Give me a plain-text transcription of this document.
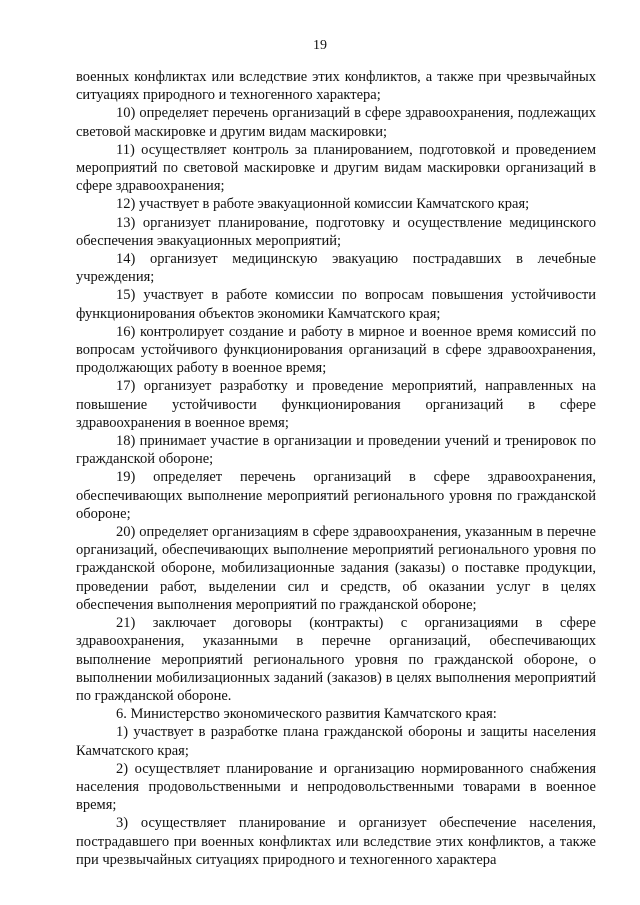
19

военных конфликтах или вследствие этих конфликтов, а также при чрезвычайных ситуациях природного и техногенного характера;

10) определяет перечень организаций в сфере здравоохранения, подлежащих световой маскировке и другим видам маскировки;

11) осуществляет контроль за планированием, подготовкой и проведением мероприятий по световой маскировке и другим видам маскировки организаций в сфере здравоохранения;

12) участвует в работе эвакуационной комиссии Камчатского края;

13) организует планирование, подготовку и осуществление медицинского обеспечения эвакуационных мероприятий;

14) организует медицинскую эвакуацию пострадавших в лечебные учреждения;

15) участвует в работе комиссии по вопросам повышения устойчивости функционирования объектов экономики Камчатского края;

16) контролирует создание и работу в мирное и военное время комиссий по вопросам устойчивого функционирования организаций в сфере здравоохранения, продолжающих работу в военное время;

17) организует разработку и проведение мероприятий, направленных на повышение устойчивости функционирования организаций в сфере здравоохранения в военное время;

18) принимает участие в организации и проведении учений и тренировок по гражданской обороне;

19) определяет перечень организаций в сфере здравоохранения, обеспечивающих выполнение мероприятий регионального уровня по гражданской обороне;

20) определяет организациям в сфере здравоохранения, указанным в перечне организаций, обеспечивающих выполнение мероприятий регионального уровня по гражданской обороне, мобилизационные задания (заказы) о поставке продукции, проведении работ, выделении сил и средств, об оказании услуг в целях обеспечения выполнения мероприятий по гражданской обороне;

21) заключает договоры (контракты) с организациями в сфере здравоохранения, указанными в перечне организаций, обеспечивающих выполнение мероприятий регионального уровня по гражданской обороне, о выполнении мобилизационных заданий (заказов) в целях выполнения мероприятий по гражданской обороне.

6. Министерство экономического развития Камчатского края:

1) участвует в разработке плана гражданской обороны и защиты населения Камчатского края;

2) осуществляет планирование и организацию нормированного снабжения населения продовольственными и непродовольственными товарами в военное время;

3) осуществляет планирование и организует обеспечение населения, пострадавшего при военных конфликтах или вследствие этих конфликтов, а также при чрезвычайных ситуациях природного и техногенного характера
